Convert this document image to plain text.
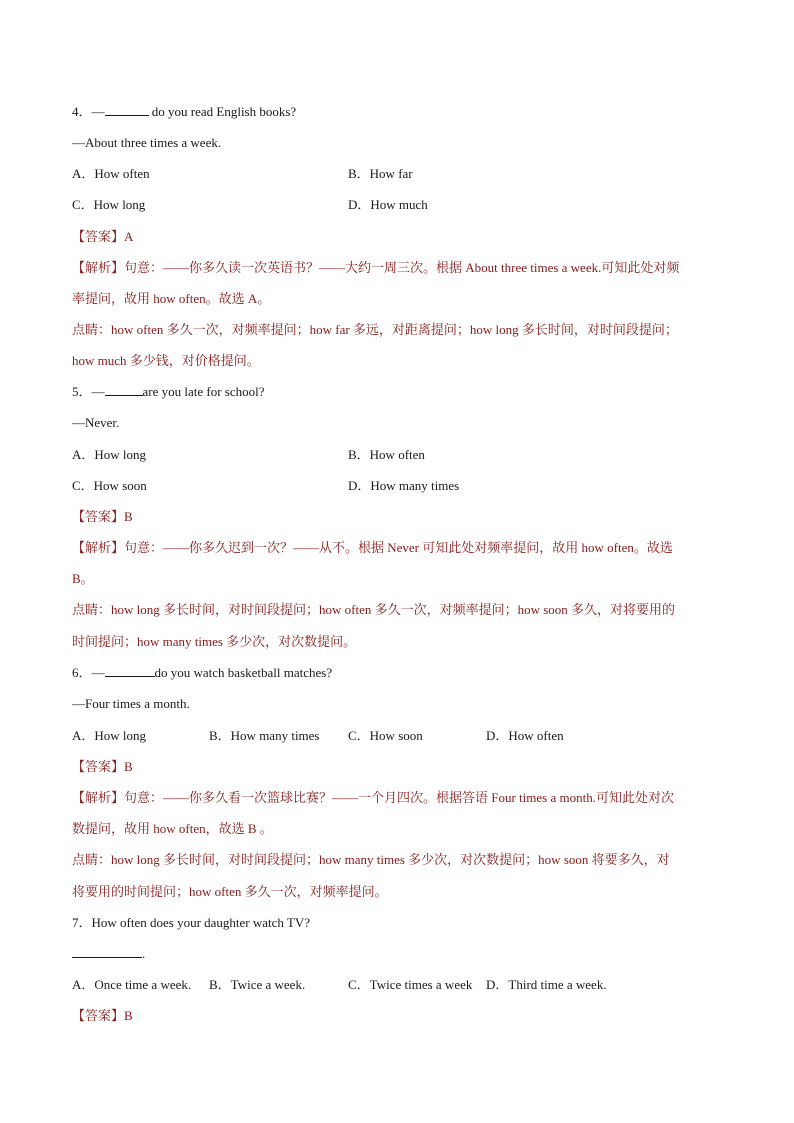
4．—	do you read English books?
—About three times a week.
A．How often	B．How far
C．How long	D．How much
【答案】A
【解析】句意：——你多久读一次英语书？——大约一周三次。根据 About three times a week.可知此处对频
率提问，故用 how often。故选 A。
点睛：how often 多久一次，对频率提问；how far 多远，对距离提问；how long 多长时间，对时间段提问；
how much 多少钱，对价格提问。
5．—	are you late for school?
—Never.
A．How long	B．How often
C．How soon	D．How many times
【答案】B
【解析】句意：——你多久迟到一次？——从不。根据 Never 可知此处对频率提问，故用 how often。故选
B。
点睛：how long 多长时间，对时间段提问；how often 多久一次，对频率提问；how soon 多久，对将要用的
时间提问；how many times 多少次，对次数提问。
6．—	do you watch basketball matches?
—Four times a month.
A．How long	B．How many times C．How soon	D．How often
【答案】B
【解析】句意：——你多久看一次篮球比赛？——一个月四次。根据答语 Four times a month.可知此处对次
数提问，故用 how often，故选 B 。
点睛：how long 多长时间，对时间段提问；how many times 多少次，对次数提问；how soon 将要多久，对
将要用的时间提问；how often 多久一次，对频率提问。
7．How often does your daughter watch TV?
.
A．Once time a week. B．Twice a week.	C．Twice times a week D．Third time a week.
【答案】B
